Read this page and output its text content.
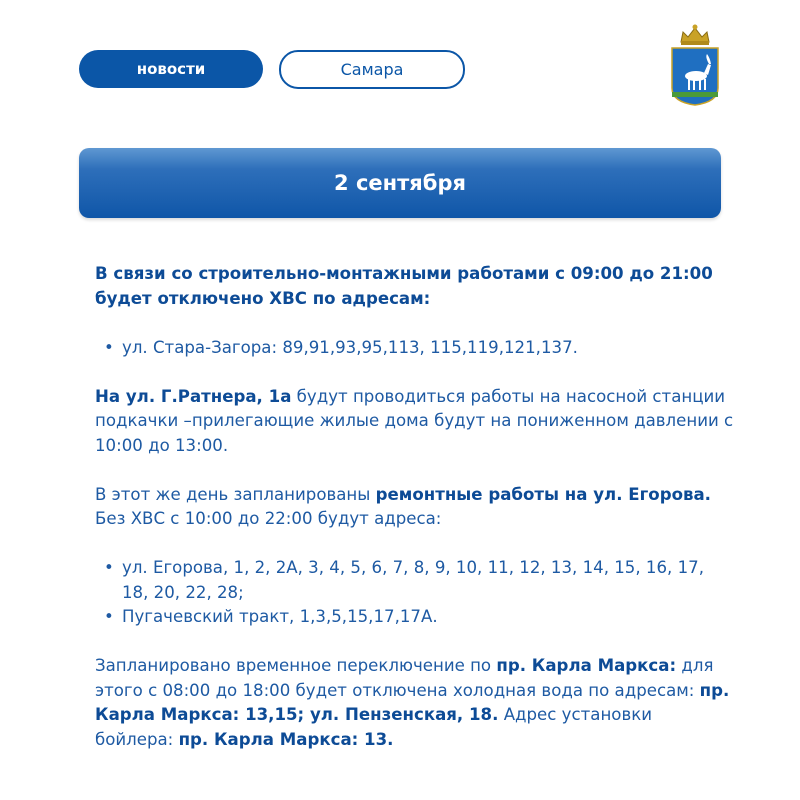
новости	Самара
2 сентября

В связи со строительно-монтажными работами с 09:00 до 21:00 будет отключено ХВС по адресам:

• ул. Стара-Загора: 89,91,93,95,113, 115,119,121,137.

На ул. Г.Ратнера, 1а будут проводиться работы на насосной станции подкачки –прилегающие жилые дома будут на пониженном давлении с 10:00 до 13:00.

В этот же день запланированы ремонтные работы на ул. Егорова. Без ХВС с 10:00 до 22:00 будут адреса:

• ул. Егорова, 1, 2, 2А, 3, 4, 5, 6, 7, 8, 9, 10, 11, 12, 13, 14, 15, 16, 17, 18, 20, 22, 28;
• Пугачевский тракт, 1,3,5,15,17,17А.

Запланировано временное переключение по пр. Карла Маркса: для этого с 08:00 до 18:00 будет отключена холодная вода по адресам: пр. Карла Маркса: 13,15; ул. Пензенская, 18. Адрес установки бойлера: пр. Карла Маркса: 13.
